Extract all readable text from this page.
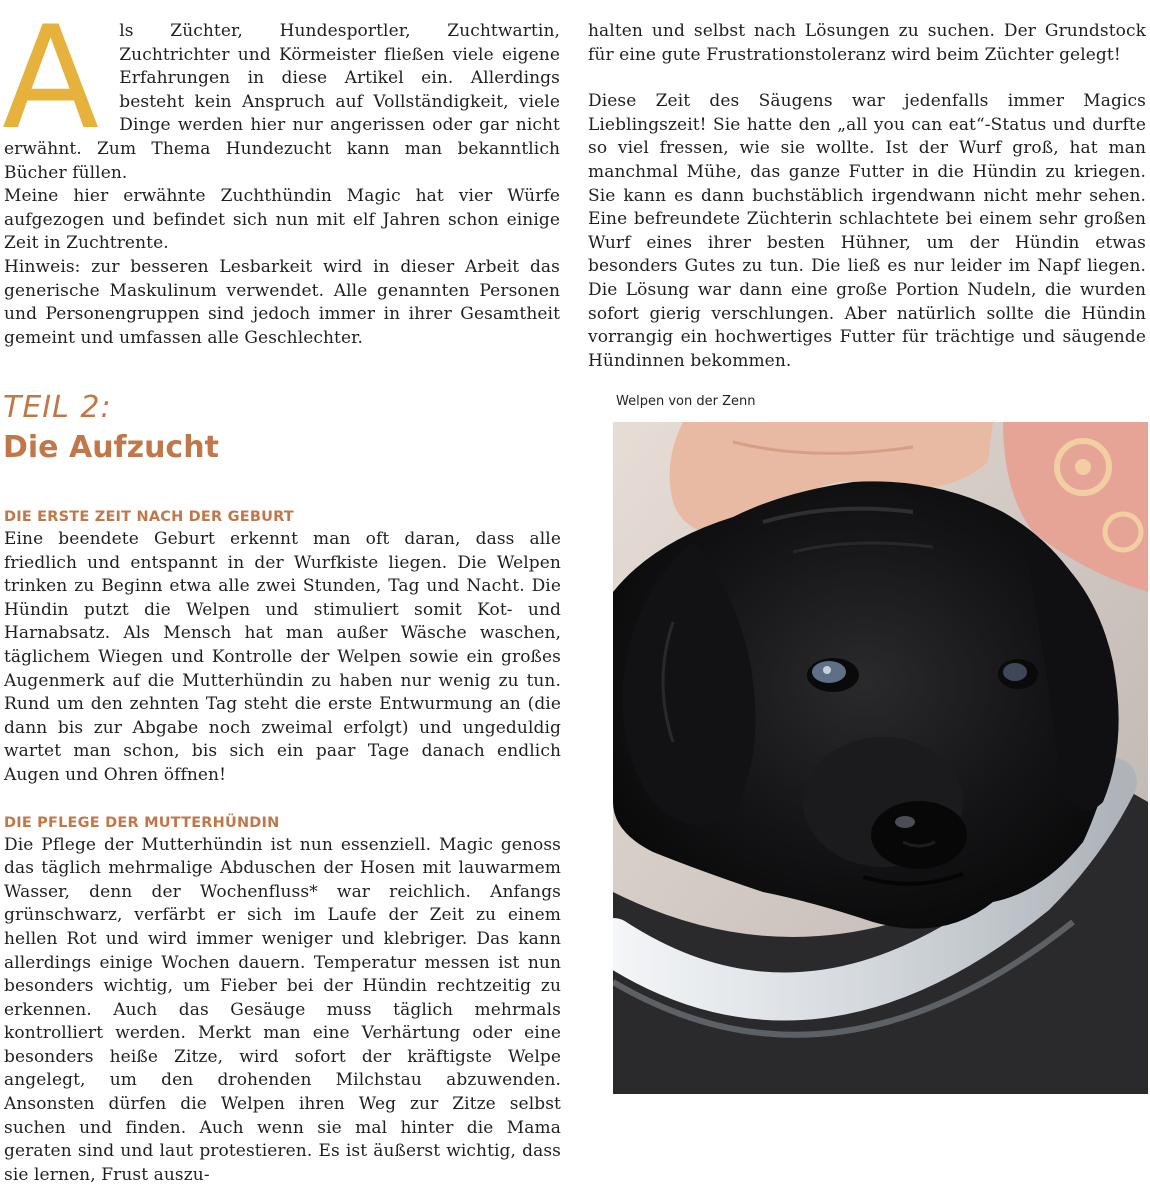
A ls Züchter, Hundesportler, Zuchtwartin, Zuchtrichter und Körmeister fließen viele eigene Erfahrungen in diese Artikel ein. Allerdings besteht kein Anspruch auf Vollständigkeit, viele Dinge werden hier nur angerissen oder gar nicht erwähnt. Zum Thema Hundezucht kann man bekanntlich Bücher füllen.

Meine hier erwähnte Zuchthündin Magic hat vier Würfe aufgezogen und befindet sich nun mit elf Jahren schon einige Zeit in Zuchtrente.

Hinweis: zur besseren Lesbarkeit wird in dieser Arbeit das generische Maskulinum verwendet. Alle genannten Personen und Personengruppen sind jedoch immer in ihrer Gesamtheit gemeint und umfassen alle Geschlechter.

halten und selbst nach Lösungen zu suchen. Der Grundstock für eine gute Frustrationstoleranz wird beim Züchter gelegt!

Diese Zeit des Säugens war jedenfalls immer Magics Lieblingszeit! Sie hatte den „all you can eat“-Status und durfte so viel fressen, wie sie wollte. Ist der Wurf groß, hat man manchmal Mühe, das ganze Futter in die Hündin zu kriegen. Sie kann es dann buchstäblich irgendwann nicht mehr sehen. Eine befreundete Züchterin schlachtete bei einem sehr großen Wurf eines ihrer besten Hühner, um der Hündin etwas besonders Gutes zu tun. Die ließ es nur leider im Napf liegen. Die Lösung war dann eine große Portion Nudeln, die wurden sofort gierig verschlungen. Aber natürlich sollte die Hündin vorrangig ein hochwertiges Futter für trächtige und säugende Hündinnen bekommen.

TEIL 2:
Die Aufzucht
DIE ERSTE ZEIT NACH DER GEBURT

Eine beendete Geburt erkennt man oft daran, dass alle friedlich und entspannt in der Wurfkiste liegen. Die Welpen trinken zu Beginn etwa alle zwei Stunden, Tag und Nacht. Die Hündin putzt die Welpen und stimuliert somit Kot- und Harnabsatz. Als Mensch hat man außer Wäsche waschen, täglichem Wiegen und Kontrolle der Welpen sowie ein großes Augenmerk auf die Mutterhündin zu haben nur wenig zu tun. Rund um den zehnten Tag steht die erste Entwurmung an (die dann bis zur Abgabe noch zweimal erfolgt) und ungeduldig wartet man schon, bis sich ein paar Tage danach endlich Augen und Ohren öffnen!

DIE PFLEGE DER MUTTERHÜNDIN

Die Pflege der Mutterhündin ist nun essenziell. Magic genoss das täglich mehrmalige Abduschen der Hosen mit lauwarmem Wasser, denn der Wochenfluss* war reichlich. Anfangs grünschwarz, verfärbt er sich im Laufe der Zeit zu einem hellen Rot und wird immer weniger und klebriger. Das kann allerdings einige Wochen dauern. Temperatur messen ist nun besonders wichtig, um Fieber bei der Hündin rechtzeitig zu erkennen. Auch das Gesäuge muss täglich mehrmals kontrolliert werden. Merkt man eine Verhärtung oder eine besonders heiße Zitze, wird sofort der kräftigste Welpe angelegt, um den drohenden Milchstau abzuwenden. Ansonsten dürfen die Welpen ihren Weg zur Zitze selbst suchen und finden. Auch wenn sie mal hinter die Mama geraten sind und laut protestieren. Es ist äußerst wichtig, dass sie lernen, Frust auszu-

Welpen von der Zenn
